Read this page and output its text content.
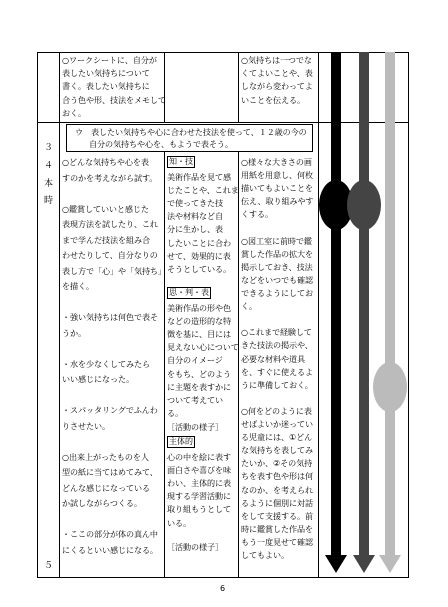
３
４
本
時
５
ウ　表したい気持ちや心に合わせた技法を使って、１２歳の今の
自分の気持ちや心を、もようで表そう。
6
○ワークシートに、自分が
表したい気持ちについて
書く。表したい気持ちに
合う色や形、技法をメモして
おく。
○気持ちは一つでな
くてよいことや、表
しながら変わってよ
いことを伝える。
○どんな気持ちや心を表
すのかを考えながら試す。
○鑑賞していいと感じた
表現方法を試したり、これ
まで学んだ技法を組み合
わせたりして、自分なりの
表し方で「心」や「気持ち」
を描く。
・強い気持ちは何色で表そ
うか。
・水を少なくしてみたら
いい感じになった。
・スパッタリングでふんわ
りさせたい。
○出来上がったものを人
型の紙に当てはめてみて、
どんな感じになっている
か試しながらつくる。
・ここの部分が体の真ん中
にくるといい感じになる。
○様々な大きさの画
用紙を用意し、何枚
描いてもよいことを
伝え、取り組みやす
くする。
○図工室に前時で鑑
賞した作品の拡大を
掲示しておき、技法
などをいつでも確認
できるようにしてお
く。
○これまで経験して
きた技法の掲示や、
必要な材料や道具
を、すぐに使えるよ
うに準備しておく。
○何をどのように表
せばよいか迷ってい
る児童には、①どん
な気持ちを表してみ
たいか、②その気持
ちを表す色や形は何
なのか、を考えられ
るように個別に対話
をして支援する。前
時に鑑賞した作品を
もう一度見せて確認
してもよい。
知・技
美術作品を見て感
じたことや、これま
で使ってきた技
法や材料など自
分に生かし、表
したいことに合わ
せて、効果的に表
そうとしている。
思・判・表
美術作品の形や色
などの造形的な特
徴を基に、目には
見えない心について
自分のイメージ
をもち、どのよう
に主題を表すかに
ついて考えてい
る。
［活動の様子］
主体的
心の中を絵に表す
面白さや喜びを味
わい、主体的に表
現する学習活動に
取り組もうとして
いる。
［活動の様子］
